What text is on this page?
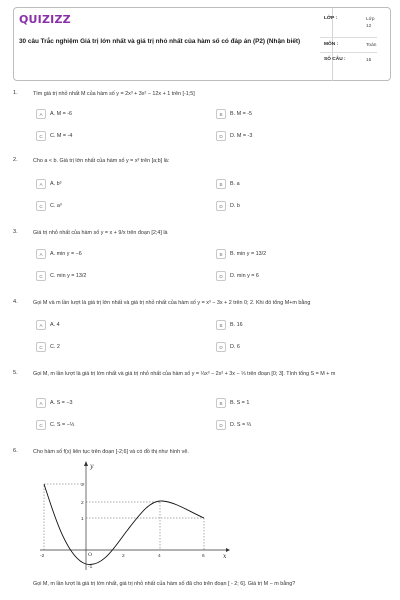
QUIZIZZ
30 câu Trắc nghiệm Giá trị lớn nhất và giá trị nhỏ nhất của hàm số có đáp án (P2) (Nhận biết)
LỚP :	Lớp 12
MÔN :	Toán
SỐ CÂU :	15
1.	Tìm giá trị nhỏ nhất M của hàm số y = 2x³ + 3x² − 12x + 1 trên [-1;5]
A	A. M = -6	B	B. M = -5
C	C. M = -4	D	D. M = -3
2.	Cho a < b. Giá trị lớn nhất của hàm số y = x³ trên [a;b] là:
A	A. b³	B	B. a
C	C. a³	D	D. b
3.	Giá trị nhỏ nhất của hàm số y = x + 9/x trên đoạn [2;4] là
A	A. min y = −6	B	B. min y = 13/2
C	C. min y = 13/2	D	D. min y = 6
4.	Gọi M và m lần lượt là giá trị lớn nhất và giá trị nhỏ nhất của hàm số y = x³ − 3x + 2 trên 0; 2. Khi đó tổng M+m bằng
A	A. 4	B	B. 16
C	C. 2	D	D. 6
5.	Gọi M, m lần lượt là giá trị lớn nhất và giá trị nhỏ nhất của hàm số y = ⅓x³ − 2x² + 3x − ⅓ trên đoạn [0; 3]. Tính tổng S = M + m
A	A. S = −3	B	B. S = 1
C	C. S = −⅓	D	D. S = ⅔
6.	Cho hàm số f(x) liên tục trên đoạn [-2;6] và có đồ thị như hình vẽ.
y
x
O
-2	2	4	6
3
2
1
-1
Gọi M, m lần lượt là giá trị lớn nhất, giá trị nhỏ nhất của hàm số đã cho trên đoạn [ - 2; 6]. Giá trị M − m bằng?
